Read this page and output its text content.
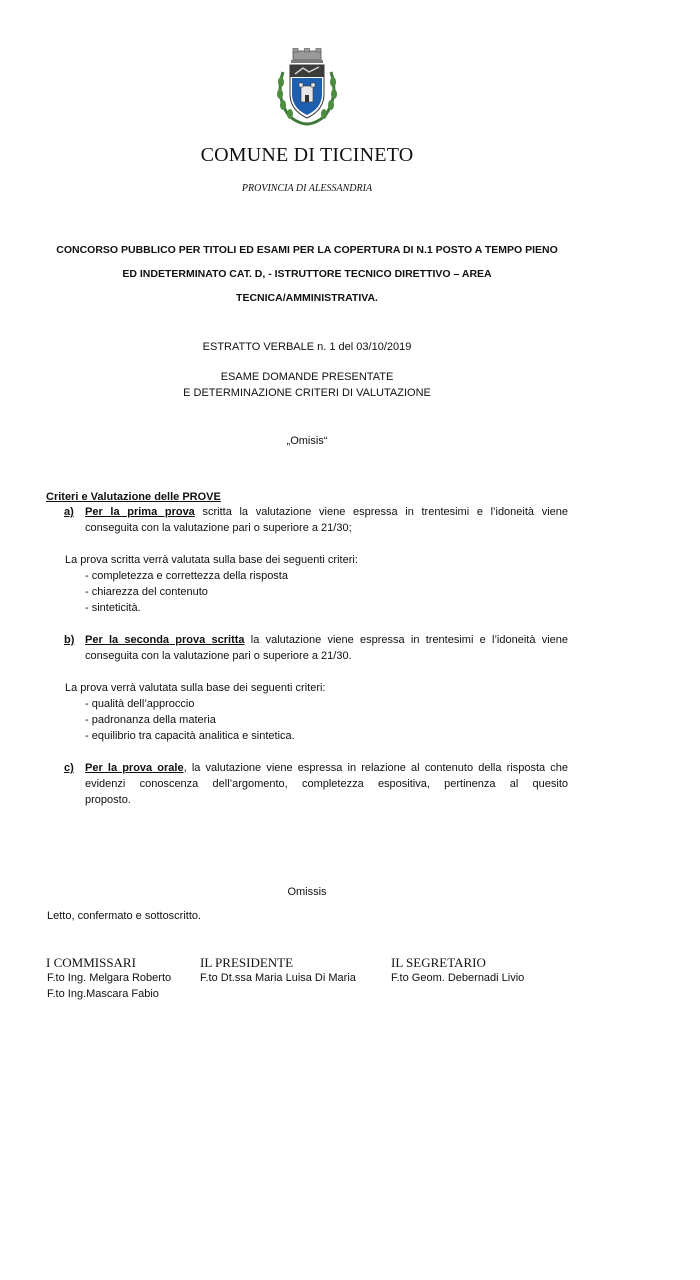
COMUNE DI TICINETO
PROVINCIA DI ALESSANDRIA
CONCORSO PUBBLICO PER TITOLI ED ESAMI PER LA COPERTURA DI N.1 POSTO A TEMPO PIENO
ED INDETERMINATO CAT. D, - ISTRUTTORE TECNICO DIRETTIVO – AREA
TECNICA/AMMINISTRATIVA.
ESTRATTO VERBALE n. 1 del 03/10/2019
ESAME DOMANDE PRESENTATE
E DETERMINAZIONE CRITERI DI VALUTAZIONE
„Omisis“
Criteri e Valutazione delle PROVE
a) Per la prima prova scritta la valutazione viene espressa in trentesimi e l’idoneità viene
conseguita con la valutazione pari o superiore a 21/30;
La prova scritta verrà valutata sulla base dei seguenti criteri:
- completezza e correttezza della risposta
- chiarezza del contenuto
- sinteticità.
b) Per la seconda prova scritta la valutazione viene espressa in trentesimi e l’idoneità viene
conseguita con la valutazione pari o superiore a 21/30.
La prova verrà valutata sulla base dei seguenti criteri:
- qualità dell’approccio
- padronanza della materia
- equilibrio tra capacità analitica e sintetica.
c) Per la prova orale, la valutazione viene espressa in relazione al contenuto della risposta che
evidenzi conoscenza dell’argomento, completezza espositiva, pertinenza al quesito
proposto.
Omissis
Letto, confermato e sottoscritto.
I COMMISSARI
F.to Ing. Melgara Roberto
F.to Ing.Mascara Fabio
IL PRESIDENTE
F.to Dt.ssa Maria Luisa Di Maria
IL SEGRETARIO
F.to Geom. Debernadi Livio
